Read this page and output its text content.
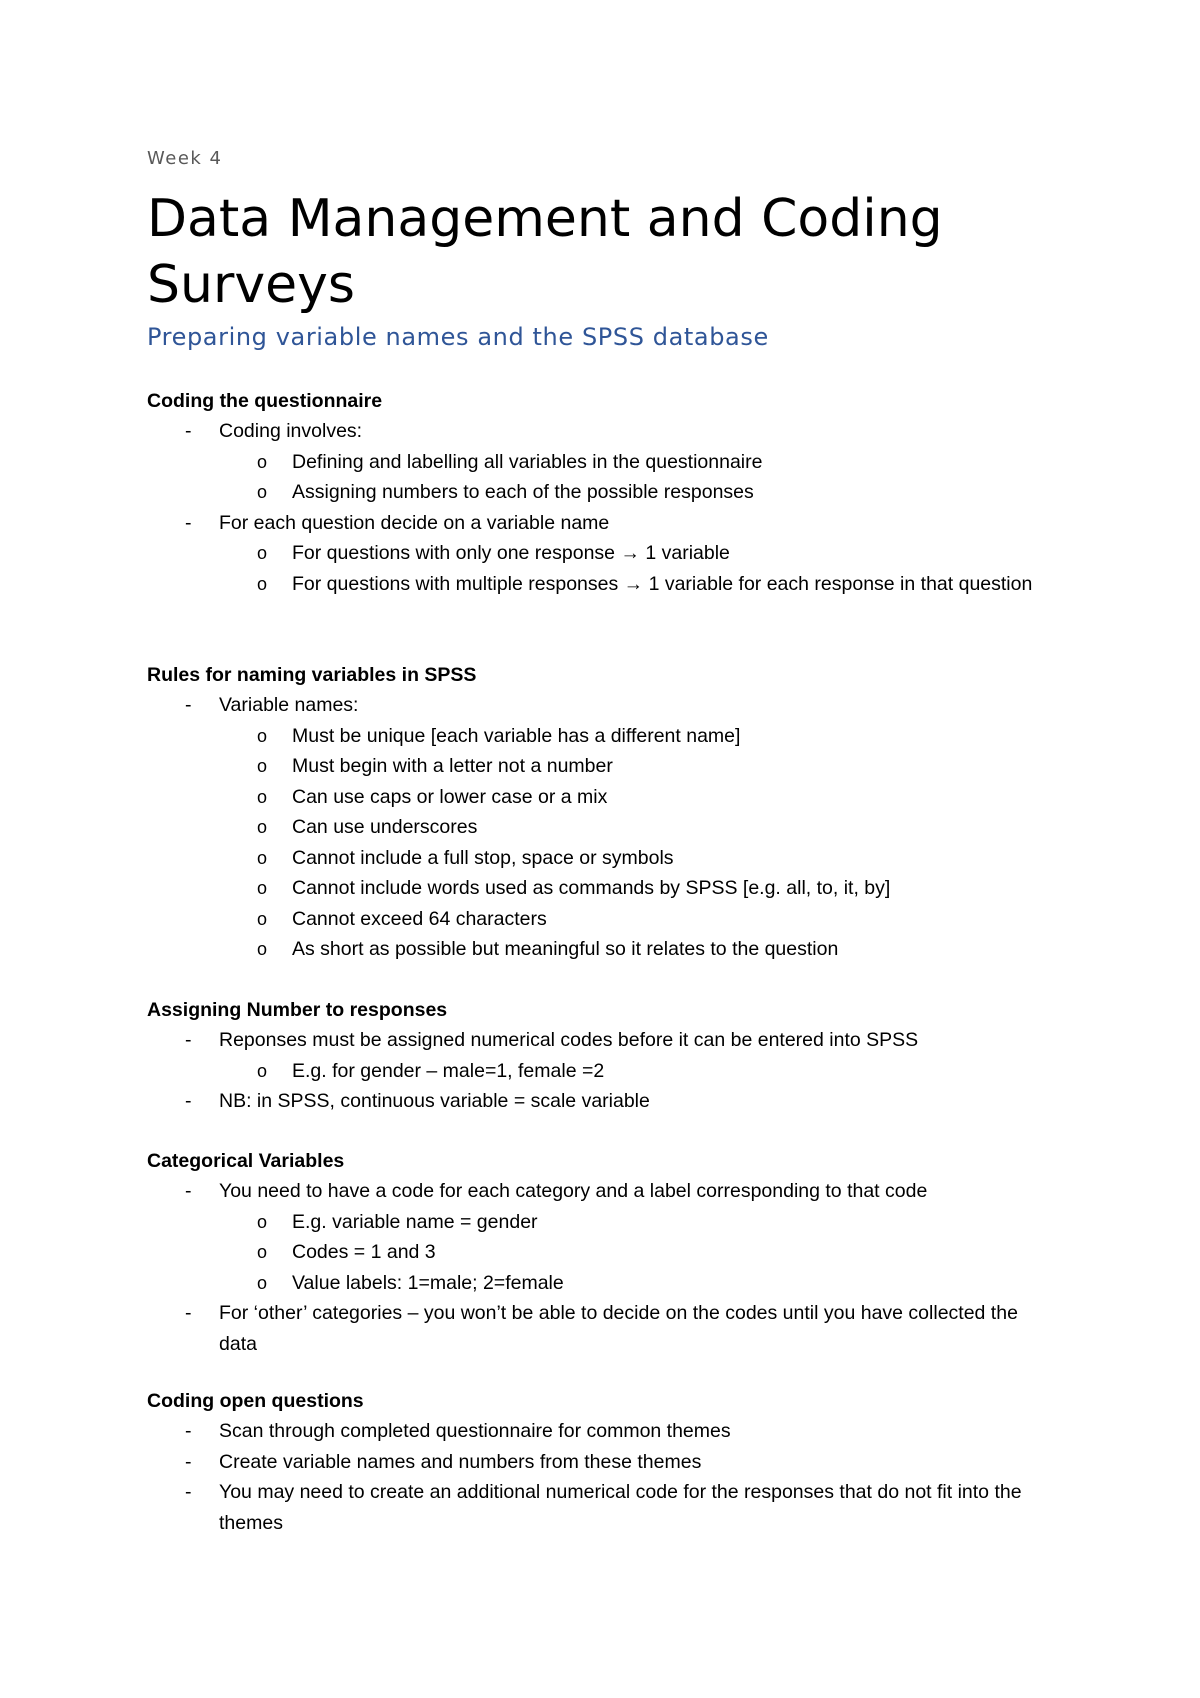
Week 4
Data Management and Coding Surveys
Preparing variable names and the SPSS database
Coding the questionnaire
- Coding involves:
o Defining and labelling all variables in the questionnaire
o Assigning numbers to each of the possible responses
- For each question decide on a variable name
o For questions with only one response → 1 variable
o For questions with multiple responses → 1 variable for each response in that question
Rules for naming variables in SPSS
- Variable names:
o Must be unique [each variable has a different name]
o Must begin with a letter not a number
o Can use caps or lower case or a mix
o Can use underscores
o Cannot include a full stop, space or symbols
o Cannot include words used as commands by SPSS [e.g. all, to, it, by]
o Cannot exceed 64 characters
o As short as possible but meaningful so it relates to the question
Assigning Number to responses
- Reponses must be assigned numerical codes before it can be entered into SPSS
o E.g. for gender – male=1, female =2
- NB: in SPSS, continuous variable = scale variable
Categorical Variables
- You need to have a code for each category and a label corresponding to that code
o E.g. variable name = gender
o Codes = 1 and 3
o Value labels: 1=male; 2=female
- For ‘other’ categories – you won’t be able to decide on the codes until you have collected the data
Coding open questions
- Scan through completed questionnaire for common themes
- Create variable names and numbers from these themes
- You may need to create an additional numerical code for the responses that do not fit into the themes
